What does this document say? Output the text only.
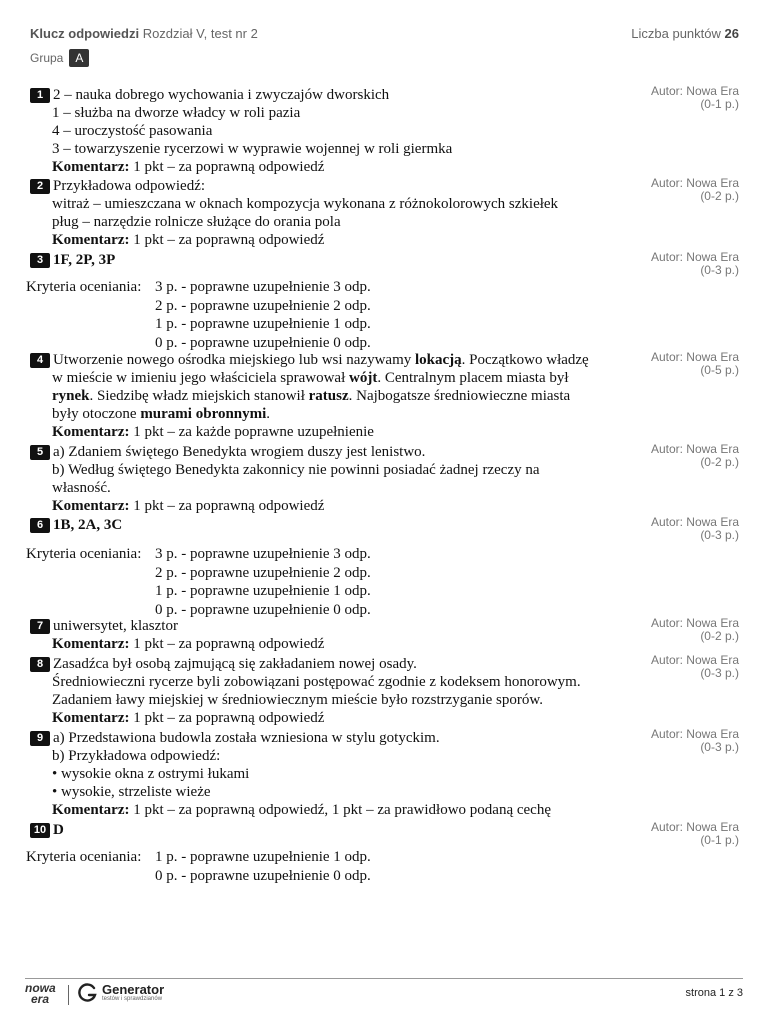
Klucz odpowiedzi Rozdział V, test nr 2	Liczba punktów 26
Grupa A
1 2 – nauka dobrego wychowania i zwyczajów dworskich
1 – służba na dworze władcy w roli pazia
4 – uroczystość pasowania
3 – towarzyszenie rycerzowi w wyprawie wojennej w roli giermka
Komentarz: 1 pkt – za poprawną odpowiedź
Autor: Nowa Era
(0-1 p.)
2 Przykładowa odpowiedź:
witraż – umieszczana w oknach kompozycja wykonana z różnokolorowych szkiełek
pług – narzędzie rolnicze służące do orania pola
Komentarz: 1 pkt – za poprawną odpowiedź
Autor: Nowa Era
(0-2 p.)
3 1F, 2P, 3P	Autor: Nowa Era
(0-3 p.)
Kryteria oceniania: 3 p. - poprawne uzupełnienie 3 odp.
2 p. - poprawne uzupełnienie 2 odp.
1 p. - poprawne uzupełnienie 1 odp.
0 p. - poprawne uzupełnienie 0 odp.
4 Utworzenie nowego ośrodka miejskiego lub wsi nazywamy lokacją. Początkowo władzę
w mieście w imieniu jego właściciela sprawował wójt. Centralnym placem miasta był
rynek. Siedzibę władz miejskich stanowił ratusz. Najbogatsze średniowieczne miasta
były otoczone murami obronnymi.
Komentarz: 1 pkt – za każde poprawne uzupełnienie
Autor: Nowa Era
(0-5 p.)
5 a) Zdaniem świętego Benedykta wrogiem duszy jest lenistwo.
b) Według świętego Benedykta zakonnicy nie powinni posiadać żadnej rzeczy na
własność.
Komentarz: 1 pkt – za poprawną odpowiedź
Autor: Nowa Era
(0-2 p.)
6 1B, 2A, 3C	Autor: Nowa Era
(0-3 p.)
Kryteria oceniania: 3 p. - poprawne uzupełnienie 3 odp.
2 p. - poprawne uzupełnienie 2 odp.
1 p. - poprawne uzupełnienie 1 odp.
0 p. - poprawne uzupełnienie 0 odp.
7 uniwersytet, klasztor
Komentarz: 1 pkt – za poprawną odpowiedź
Autor: Nowa Era
(0-2 p.)
8 Zasadźca był osobą zajmującą się zakładaniem nowej osady.
Średniowieczni rycerze byli zobowiązani postępować zgodnie z kodeksem honorowym.
Zadaniem ławy miejskiej w średniowiecznym mieście było rozstrzyganie sporów.
Komentarz: 1 pkt – za poprawną odpowiedź
Autor: Nowa Era
(0-3 p.)
9 a) Przedstawiona budowla została wzniesiona w stylu gotyckim.
b) Przykładowa odpowiedź:
• wysokie okna z ostrymi łukami
• wysokie, strzeliste wieże
Komentarz: 1 pkt – za poprawną odpowiedź, 1 pkt – za prawidłowo podaną cechę
Autor: Nowa Era
(0-3 p.)
10 D	Autor: Nowa Era
(0-1 p.)
Kryteria oceniania: 1 p. - poprawne uzupełnienie 1 odp.
0 p. - poprawne uzupełnienie 0 odp.
nowa
era
Generator
testów i sprawdzianów	strona 1 z 3
